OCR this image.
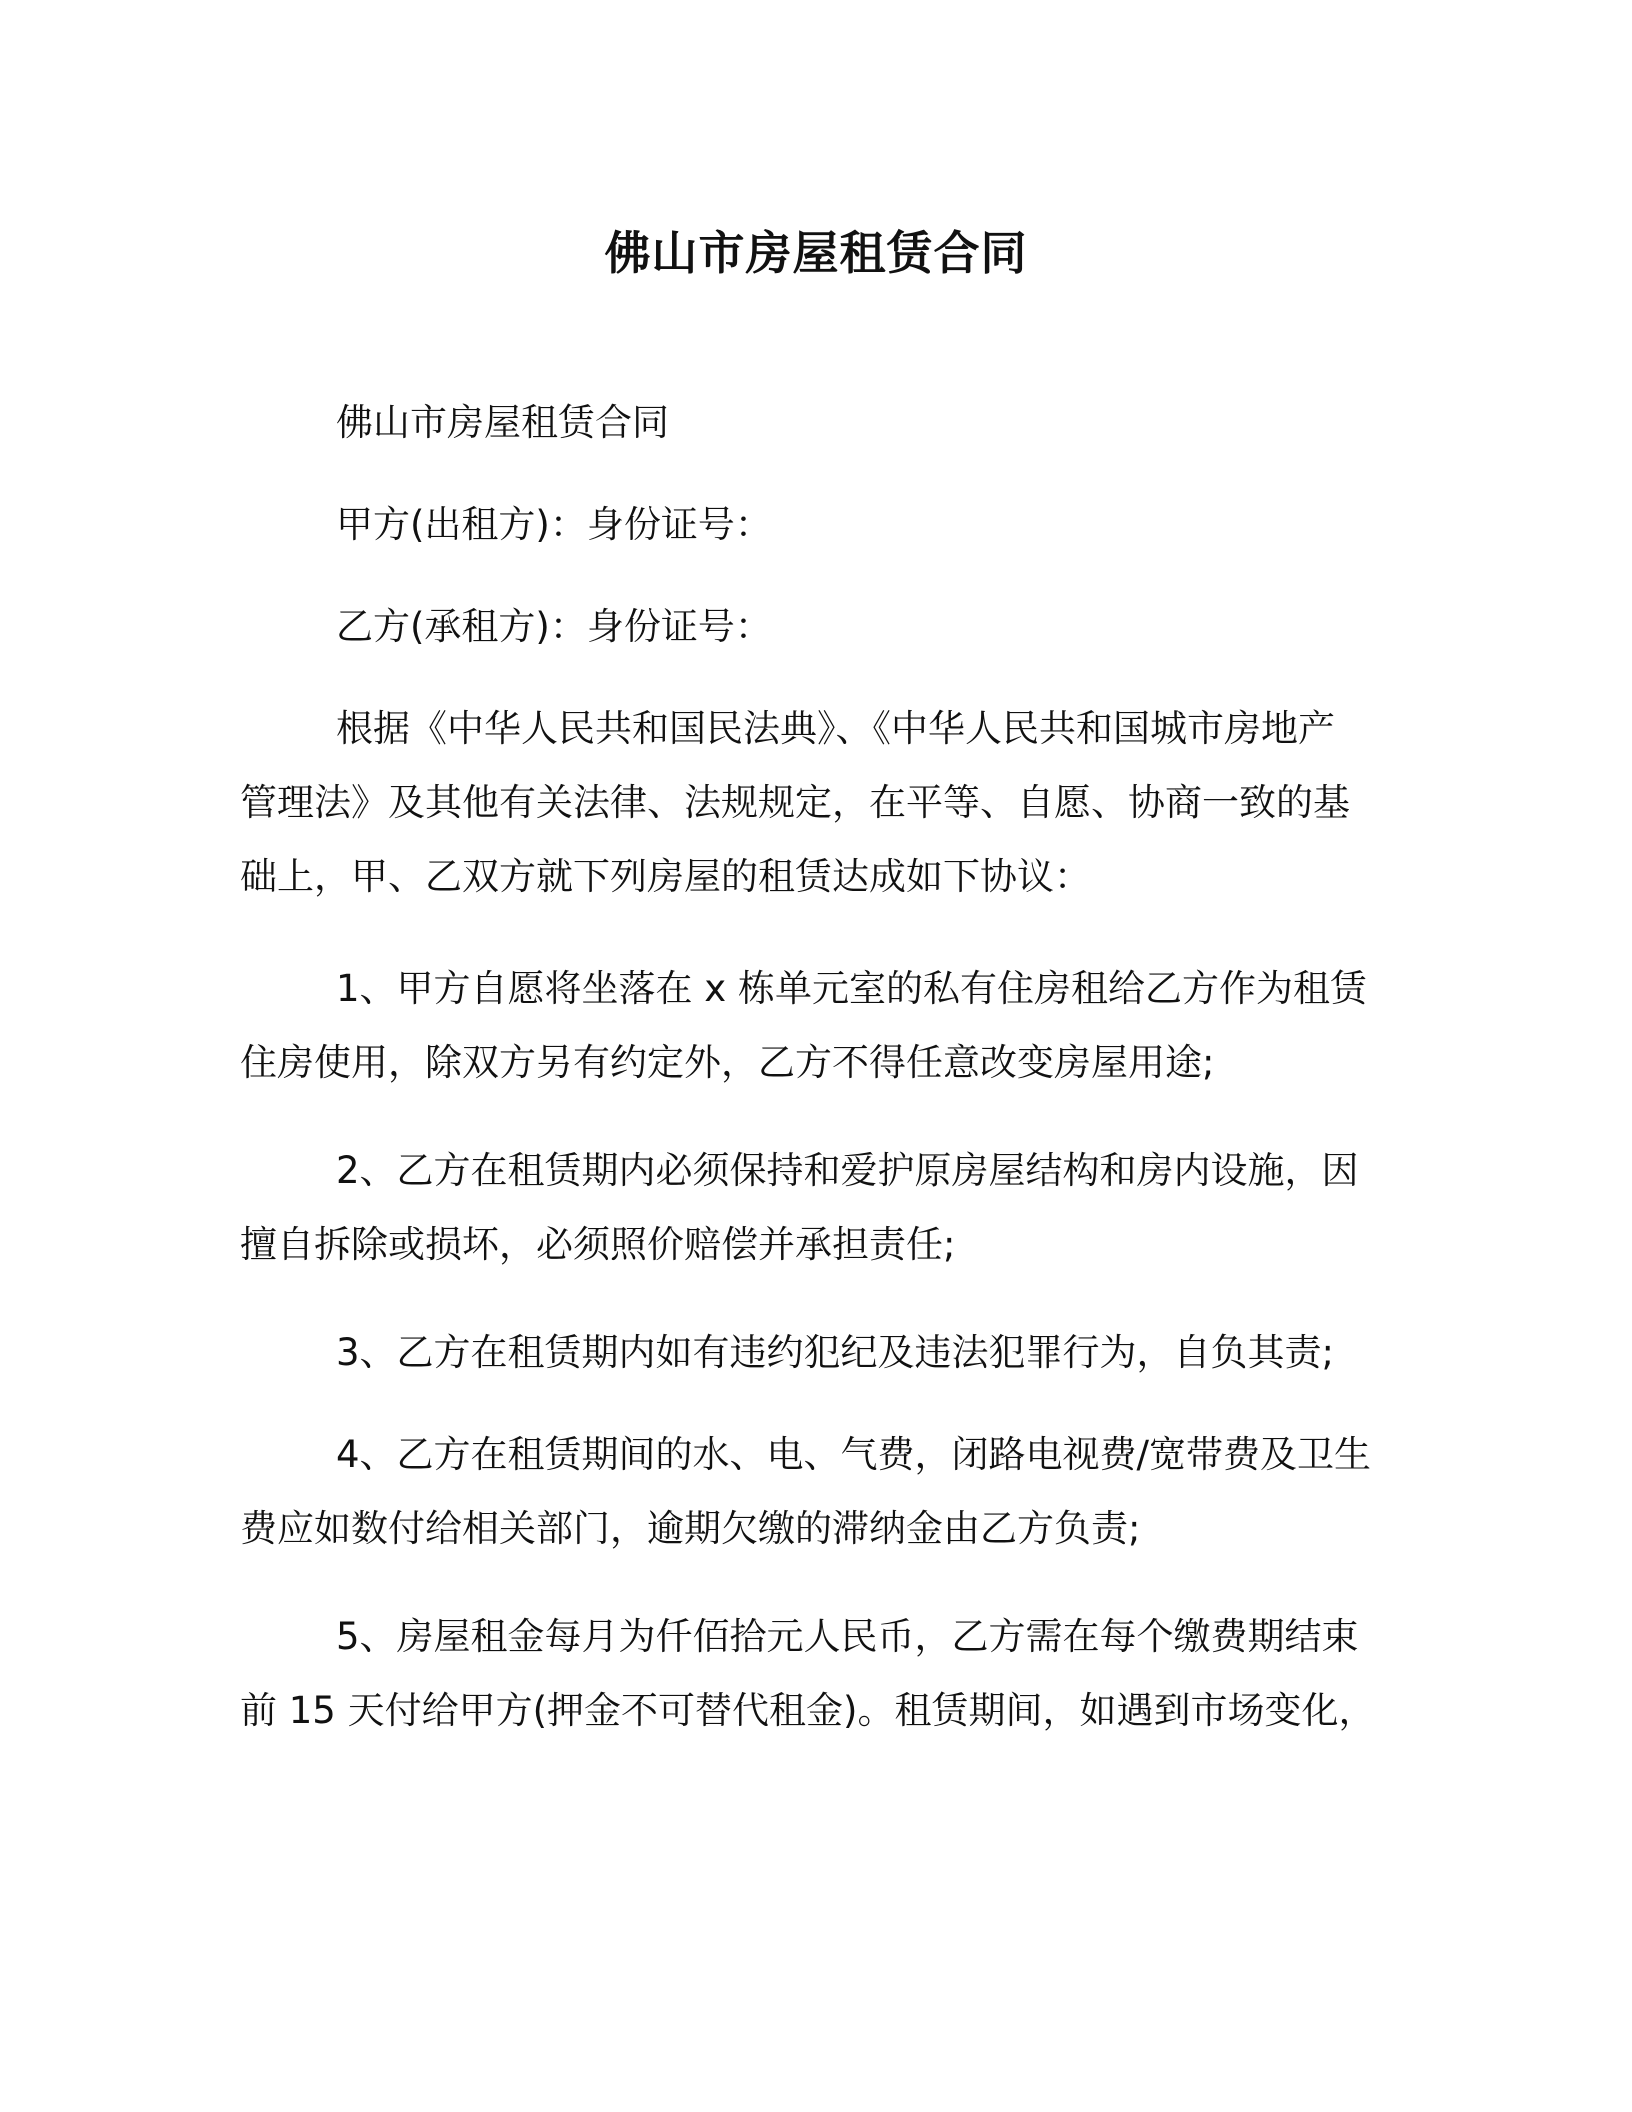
佛山市房屋租赁合同

佛山市房屋租赁合同

甲方(出租方)：身份证号：

乙方(承租方)：身份证号：

根据《中华人民共和国民法典》、《中华人民共和国城市房地产
管理法》及其他有关法律、法规规定，在平等、自愿、协商一致的基
础上，甲、乙双方就下列房屋的租赁达成如下协议：

1、甲方自愿将坐落在 x 栋单元室的私有住房租给乙方作为租赁
住房使用，除双方另有约定外，乙方不得任意改变房屋用途;

2、乙方在租赁期内必须保持和爱护原房屋结构和房内设施，因
擅自拆除或损坏，必须照价赔偿并承担责任;

3、乙方在租赁期内如有违约犯纪及违法犯罪行为，自负其责;

4、乙方在租赁期间的水、电、气费，闭路电视费/宽带费及卫生
费应如数付给相关部门，逾期欠缴的滞纳金由乙方负责;

5、房屋租金每月为仟佰拾元人民币，乙方需在每个缴费期结束
前 15 天付给甲方(押金不可替代租金)。租赁期间，如遇到市场变化，
